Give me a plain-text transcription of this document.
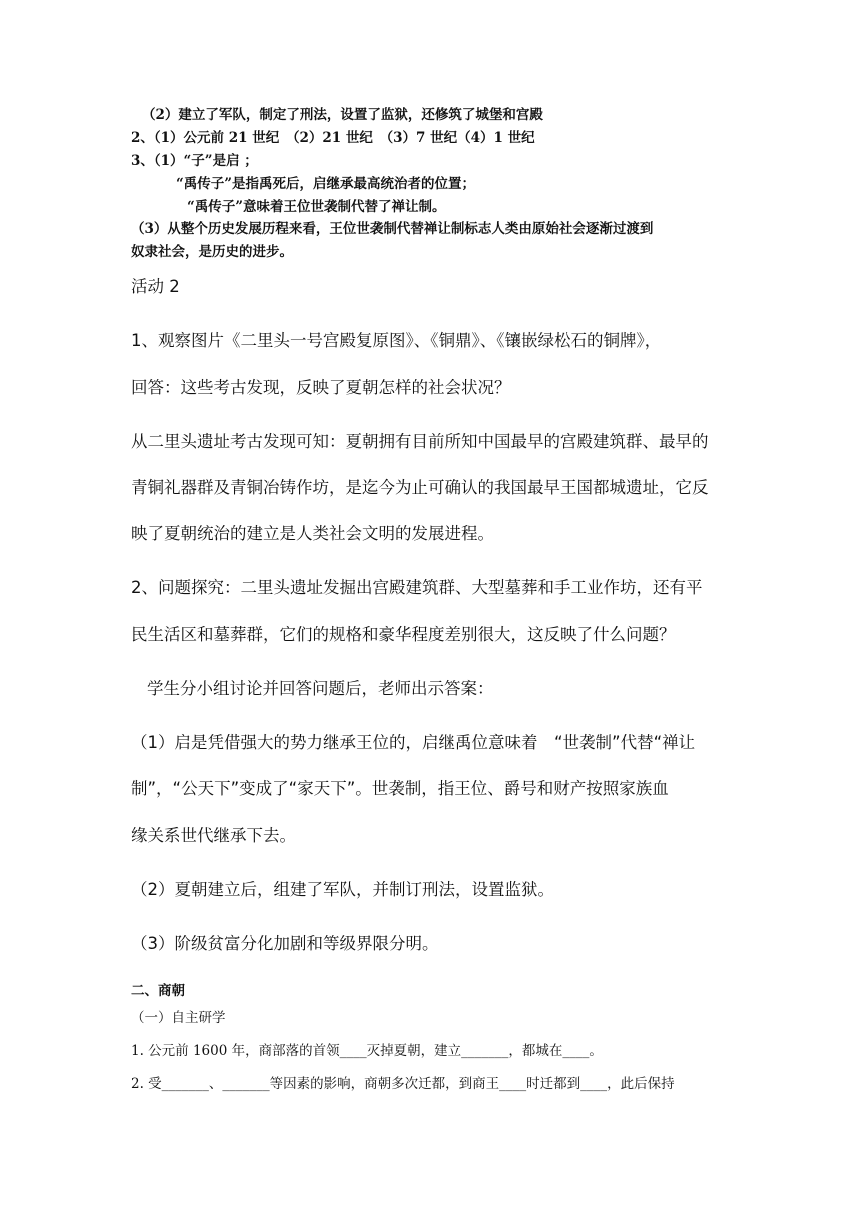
（2）建立了军队，制定了刑法，设置了监狱，还修筑了城堡和宫殿
2、（1）公元前 21 世纪　（2）21 世纪　（3）7 世纪（4）1 世纪
3、（1）“子”是启 ；
“禹传子”是指禹死后，启继承最高统治者的位置；
“禹传子”意味着王位世袭制代替了禅让制。
（3）从整个历史发展历程来看，王位世袭制代替禅让制标志人类由原始社会逐渐过渡到
奴隶社会，是历史的进步。
活动 2
1、观察图片《二里头一号宫殿复原图》、《铜鼎》、《镶嵌绿松石的铜牌》，
回答：这些考古发现，反映了夏朝怎样的社会状况？
从二里头遗址考古发现可知：夏朝拥有目前所知中国最早的宫殿建筑群、最早的
青铜礼器群及青铜冶铸作坊，是迄今为止可确认的我国最早王国都城遗址，它反
映了夏朝统治的建立是人类社会文明的发展进程。
2、问题探究：二里头遗址发掘出宫殿建筑群、大型墓葬和手工业作坊，还有平
民生活区和墓葬群，它们的规格和豪华程度差别很大，这反映了什么问题？
学生分小组讨论并回答问题后，老师出示答案：
（1）启是凭借强大的势力继承王位的，启继禹位意味着　“世袭制”代替“禅让
制”，“公天下”变成了“家天下”。世袭制，指王位、爵号和财产按照家族血
缘关系世代继承下去。
（2）夏朝建立后，组建了军队，并制订刑法，设置监狱。
（3）阶级贫富分化加剧和等级界限分明。
二、商朝
（一）自主研学
1. 公元前 1600 年，商部落的首领____灭掉夏朝，建立_______，都城在____。
2. 受_______、_______等因素的影响，商朝多次迁都，到商王____时迁都到____，此后保持
